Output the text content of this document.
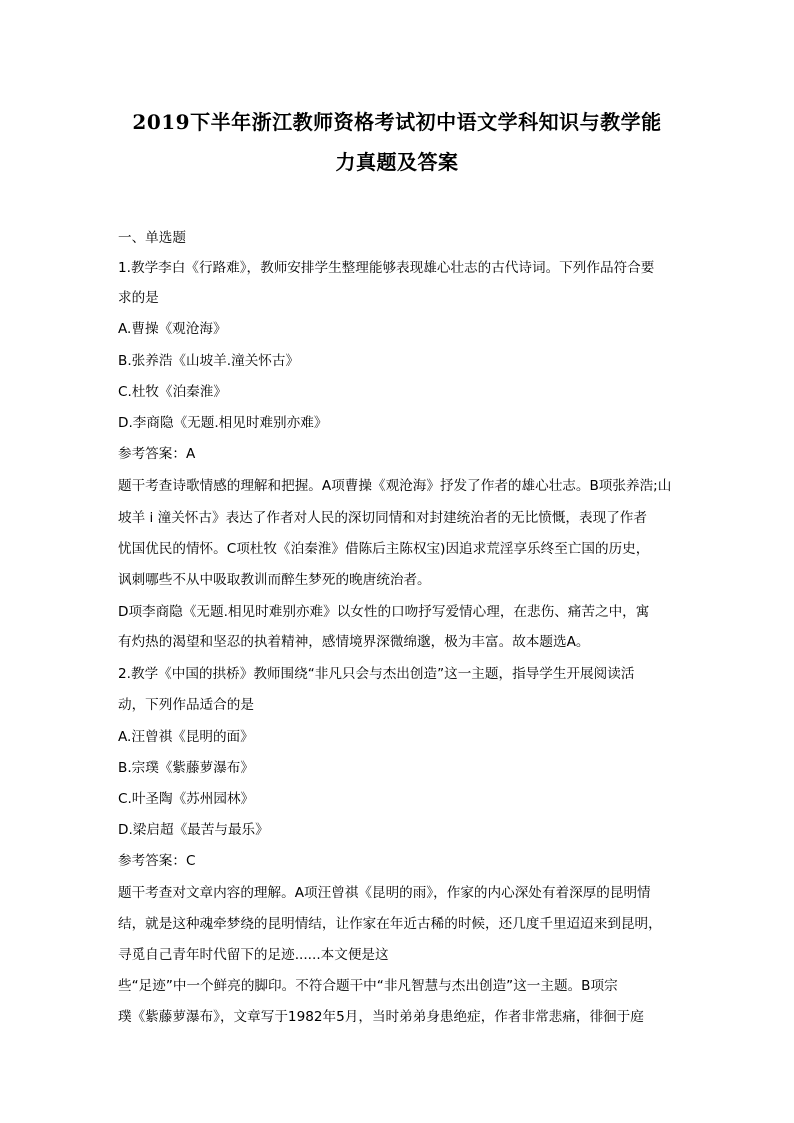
2019下半年浙江教师资格考试初中语文学科知识与教学能
力真题及答案
一、单选题
1.教学李白《行路难》，教师安排学生整理能够表现雄心壮志的古代诗词。下列作品符合要
求的是
A.曹操《观沧海》
B.张养浩《山坡羊.潼关怀古》
C.杜牧《泊秦淮》
D.李商隐《无题.相见时难别亦难》
参考答案：A
题干考查诗歌情感的理解和把握。A项曹操《观沧海》抒发了作者的雄心壮志。B项张养浩;山
坡羊 i 潼关怀古》表达了作者对人民的深切同情和对封建统治者的无比愤慨，表现了作者
忧国优民的情怀。C项杜牧《泊秦淮》借陈后主陈权宝)因追求荒淫享乐终至亡国的历史，
讽刺哪些不从中吸取教训而醉生梦死的晚唐统治者。
D项李商隐《无题.相见时难别亦难》以女性的口吻抒写爱情心理，在悲伤、痛苦之中，寓
有灼热的渴望和坚忍的执着精神，感情境界深微绵邈，极为丰富。故本题选A。
2.教学《中国的拱桥》教师围绕“非凡只会与杰出创造”这一主题，指导学生开展阅读活
动，下列作品适合的是
A.汪曾祺《昆明的面》
B.宗璞《紫藤萝瀑布》
C.叶圣陶《苏州园林》
D.梁启超《最苦与最乐》
参考答案：C
题干考查对文章内容的理解。A项汪曾祺《昆明的雨》，作家的内心深处有着深厚的昆明情
结，就是这种魂牵梦绕的昆明情结，让作家在年近古稀的时候，还几度千里迢迢来到昆明，
寻觅自己青年时代留下的足迹......本文便是这
些“足迹”中一个鲜亮的脚印。不符合题干中“非凡智慧与杰出创造”这一主题。B项宗
璞《紫藤萝瀑布》，文章写于1982年5月，当时弟弟身患绝症，作者非常悲痛，徘徊于庭
